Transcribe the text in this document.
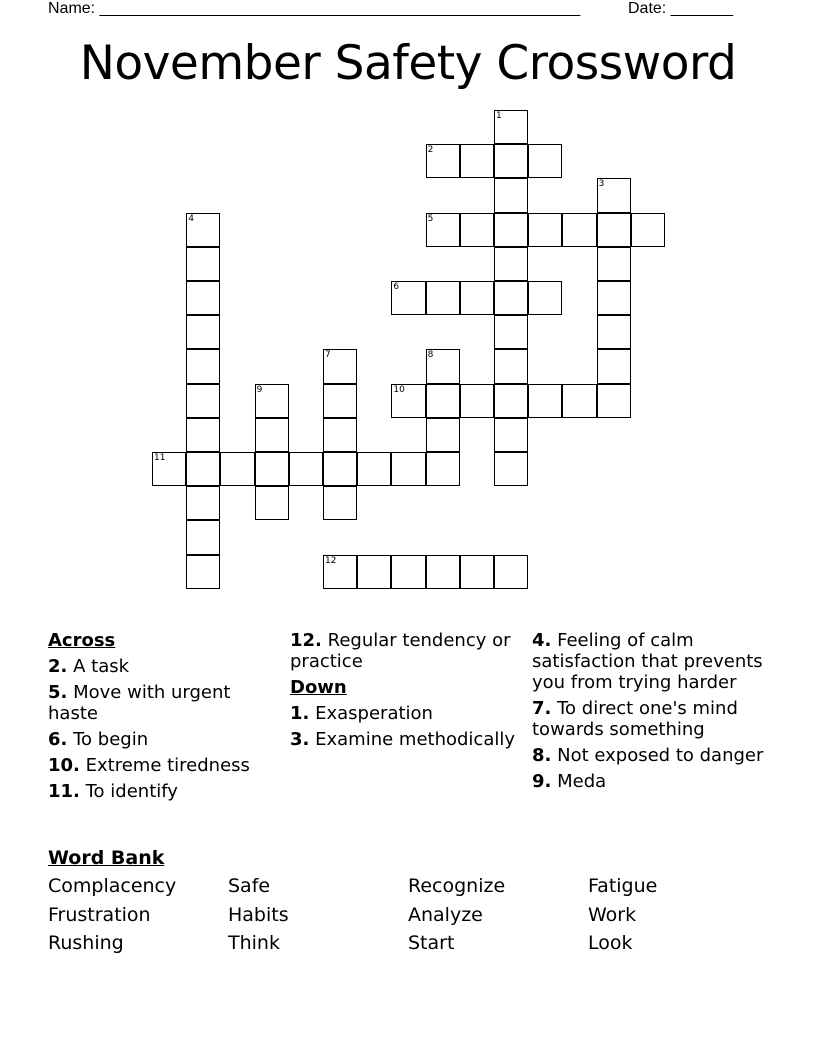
Name: ______________________________________________________	Date: _______
November Safety Crossword
1
2
3
4	5
6
7	8
9	10
11
12
Across
2. A task
5. Move with urgent haste
6. To begin
10. Extreme tiredness
11. To identify
12. Regular tendency or practice
Down
1. Exasperation
3. Examine methodically
4. Feeling of calm satisfaction that prevents you from trying harder
7. To direct one's mind towards something
8. Not exposed to danger
9. Meda
Word Bank
Complacency	Safe	Recognize	Fatigue
Frustration	Habits	Analyze	Work
Rushing	Think	Start	Look
